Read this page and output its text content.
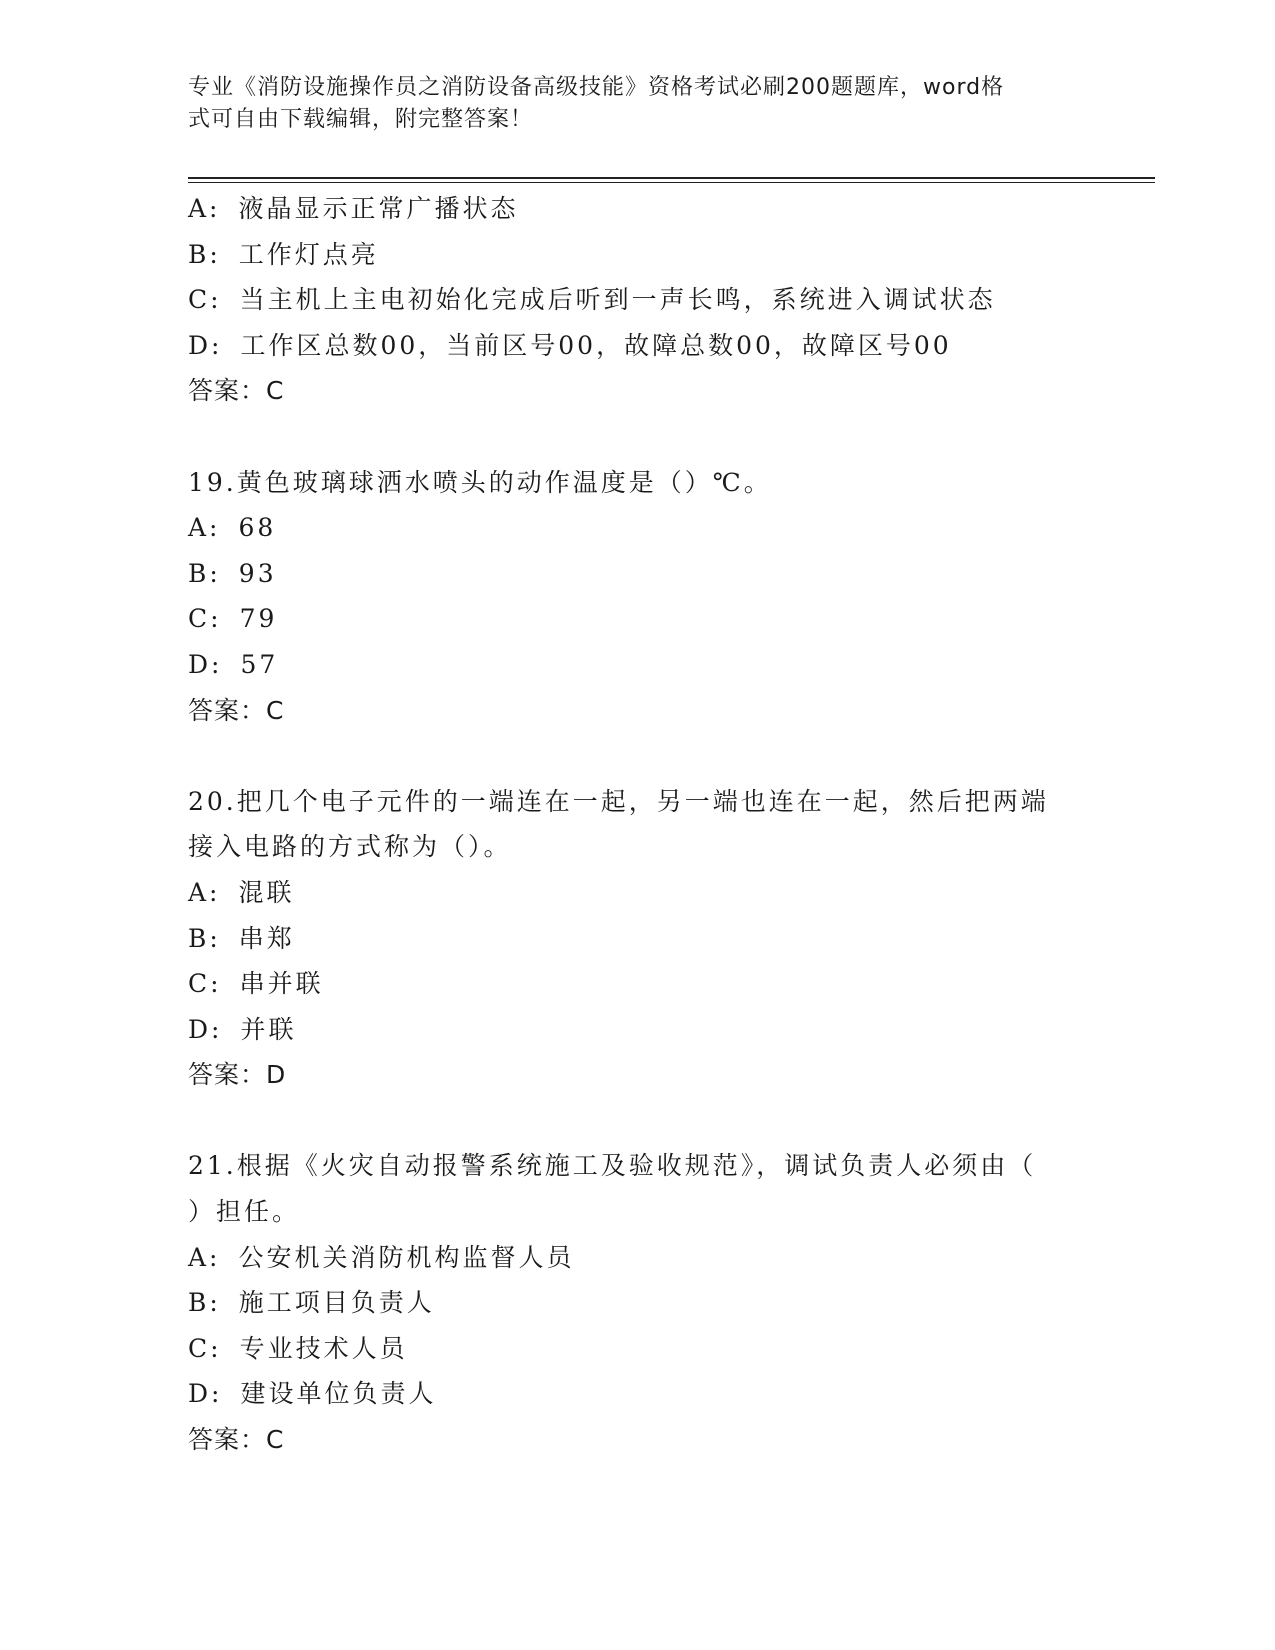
专业《消防设施操作员之消防设备高级技能》资格考试必刷200题题库，word格
式可自由下载编辑，附完整答案！
A: 液晶显示正常广播状态
B: 工作灯点亮
C: 当主机上主电初始化完成后听到一声长鸣，系统进入调试状态
D: 工作区总数00，当前区号00，故障总数00，故障区号00
答案：C
19.黄色玻璃球洒水喷头的动作温度是（）℃。
A: 68
B: 93
C: 79
D: 57
答案：C
20.把几个电子元件的一端连在一起，另一端也连在一起，然后把两端
接入电路的方式称为（）。
A: 混联
B: 串郑
C: 串并联
D: 并联
答案：D
21.根据《火灾自动报警系统施工及验收规范》，调试负责人必须由（
）担任。
A: 公安机关消防机构监督人员
B: 施工项目负责人
C: 专业技术人员
D: 建设单位负责人
答案：C
